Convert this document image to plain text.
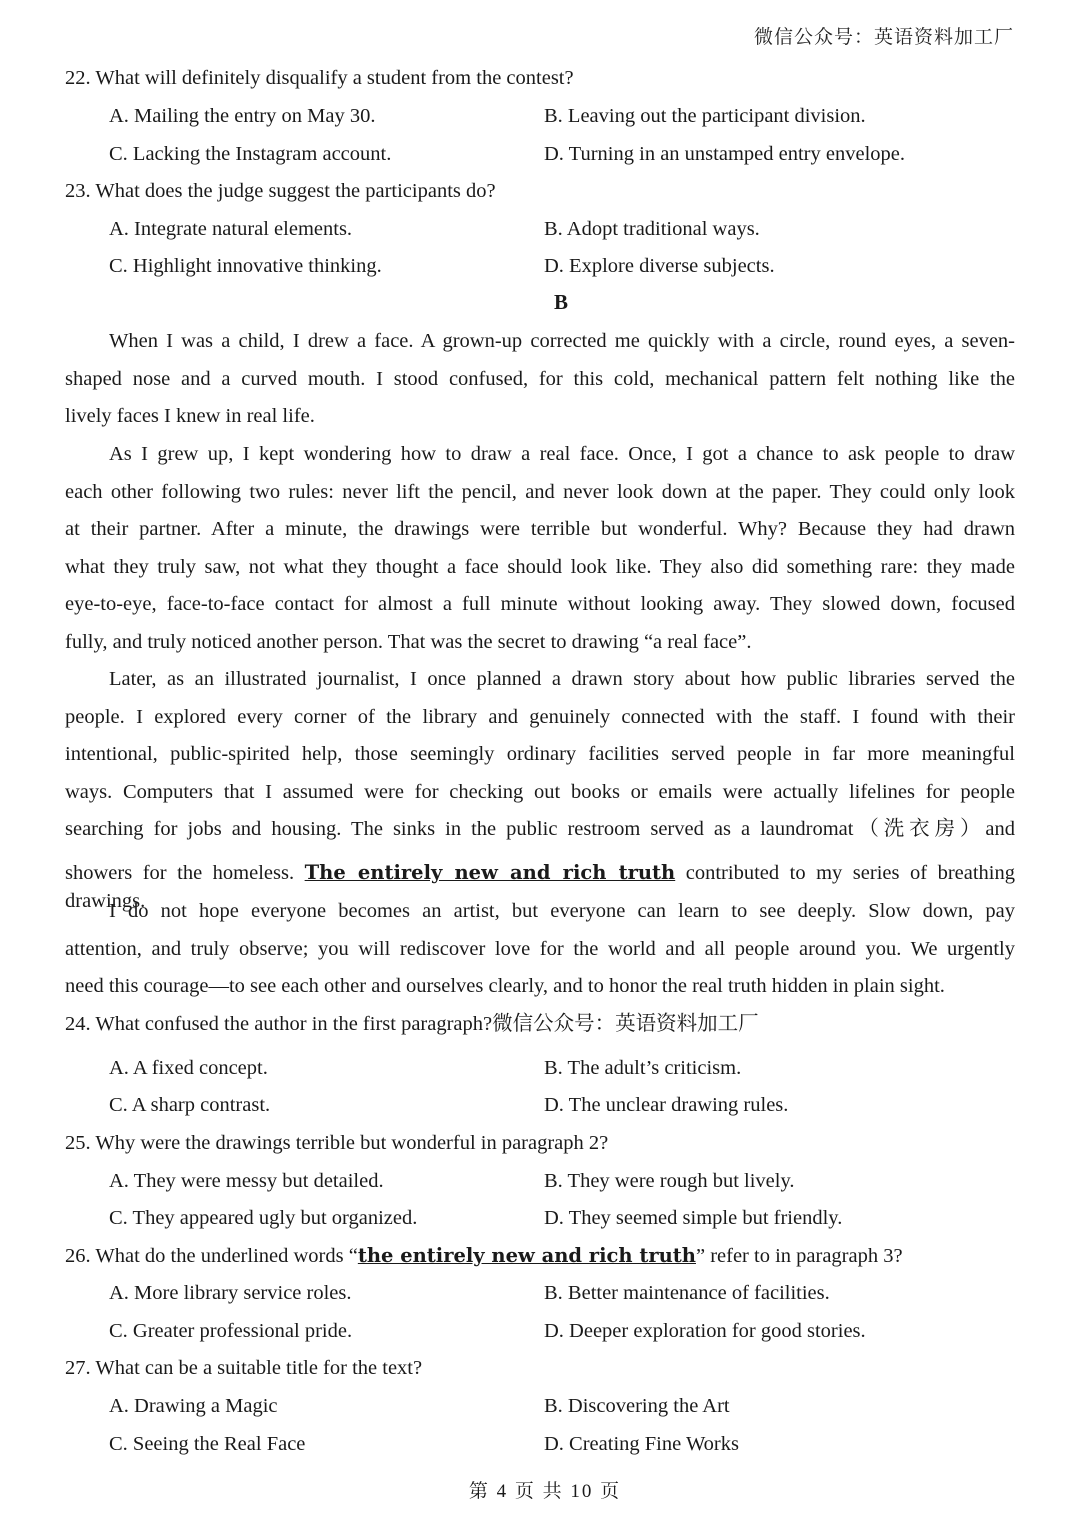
微信公众号：英语资料加工厂
22. What will definitely disqualify a student from the contest?
A. Mailing the entry on May 30.	B. Leaving out the participant division.
C. Lacking the Instagram account.	D. Turning in an unstamped entry envelope.
23. What does the judge suggest the participants do?
A. Integrate natural elements.	B. Adopt traditional ways.
C. Highlight innovative thinking.	D. Explore diverse subjects.
B
When I was a child, I drew a face. A grown-up corrected me quickly with a circle, round eyes, a seven-
shaped nose and a curved mouth. I stood confused, for this cold, mechanical pattern felt nothing like the
lively faces I knew in real life.
As I grew up, I kept wondering how to draw a real face. Once, I got a chance to ask people to draw
each other following two rules: never lift the pencil, and never look down at the paper. They could only look
at their partner. After a minute, the drawings were terrible but wonderful. Why? Because they had drawn
what they truly saw, not what they thought a face should look like. They also did something rare: they made
eye-to-eye, face-to-face contact for almost a full minute without looking away. They slowed down, focused
fully, and truly noticed another person. That was the secret to drawing “a real face”.
Later, as an illustrated journalist, I once planned a drawn story about how public libraries served the
people. I explored every corner of the library and genuinely connected with the staff. I found with their
intentional, public-spirited help, those seemingly ordinary facilities served people in far more meaningful
ways. Computers that I assumed were for checking out books or emails were actually lifelines for people
searching for jobs and housing. The sinks in the public restroom served as a laundromat（洗衣房）and
showers for the homeless. The entirely new and rich truth contributed to my series of breathing drawings.
I do not hope everyone becomes an artist, but everyone can learn to see deeply. Slow down, pay
attention, and truly observe; you will rediscover love for the world and all people around you. We urgently
need this courage—to see each other and ourselves clearly, and to honor the real truth hidden in plain sight.
24. What confused the author in the first paragraph?微信公众号：英语资料加工厂
A. A fixed concept.	B. The adult’s criticism.
C. A sharp contrast.	D. The unclear drawing rules.
25. Why were the drawings terrible but wonderful in paragraph 2?
A. They were messy but detailed.	B. They were rough but lively.
C. They appeared ugly but organized.	D. They seemed simple but friendly.
26. What do the underlined words “the entirely new and rich truth” refer to in paragraph 3?
A. More library service roles.	B. Better maintenance of facilities.
C. Greater professional pride.	D. Deeper exploration for good stories.
27. What can be a suitable title for the text?
A. Drawing a Magic	B. Discovering the Art
C. Seeing the Real Face	D. Creating Fine Works
第 4 页 共 10 页
